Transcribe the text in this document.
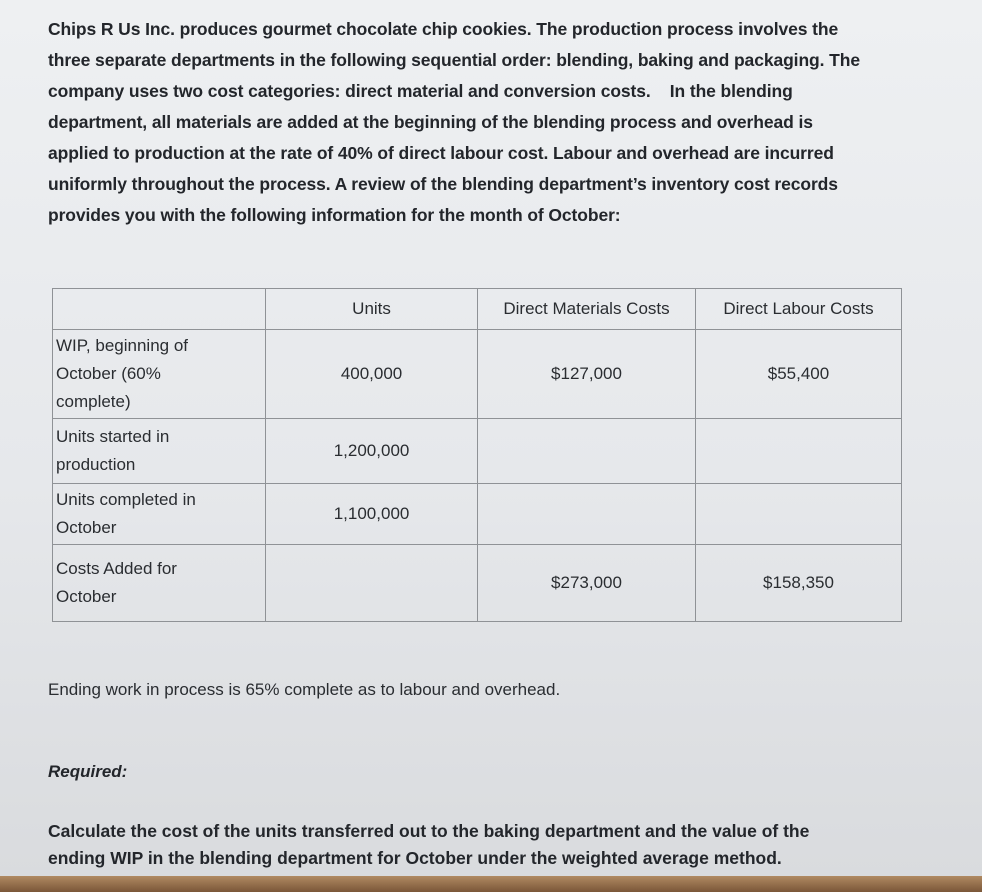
Chips R Us Inc. produces gourmet chocolate chip cookies. The production process involves the

three separate departments in the following sequential order: blending, baking and packaging. The

company uses two cost categories: direct material and conversion costs.    In the blending

department, all materials are added at the beginning of the blending process and overhead is

applied to production at the rate of 40% of direct labour cost. Labour and overhead are incurred

uniformly throughout the process. A review of the blending department’s inventory cost records

provides you with the following information for the month of October:

	Units	Direct Materials Costs	Direct Labour Costs

WIP, beginning of
October (60%
complete)	400,000	$127,000	$55,400

Units started in
production	1,200,000		

Units completed in
October	1,100,000		

Costs Added for
October		$273,000	$158,350
Ending work in process is 65% complete as to labour and overhead.
Required:
Calculate the cost of the units transferred out to the baking department and the value of the
ending WIP in the blending department for October under the weighted average method.
